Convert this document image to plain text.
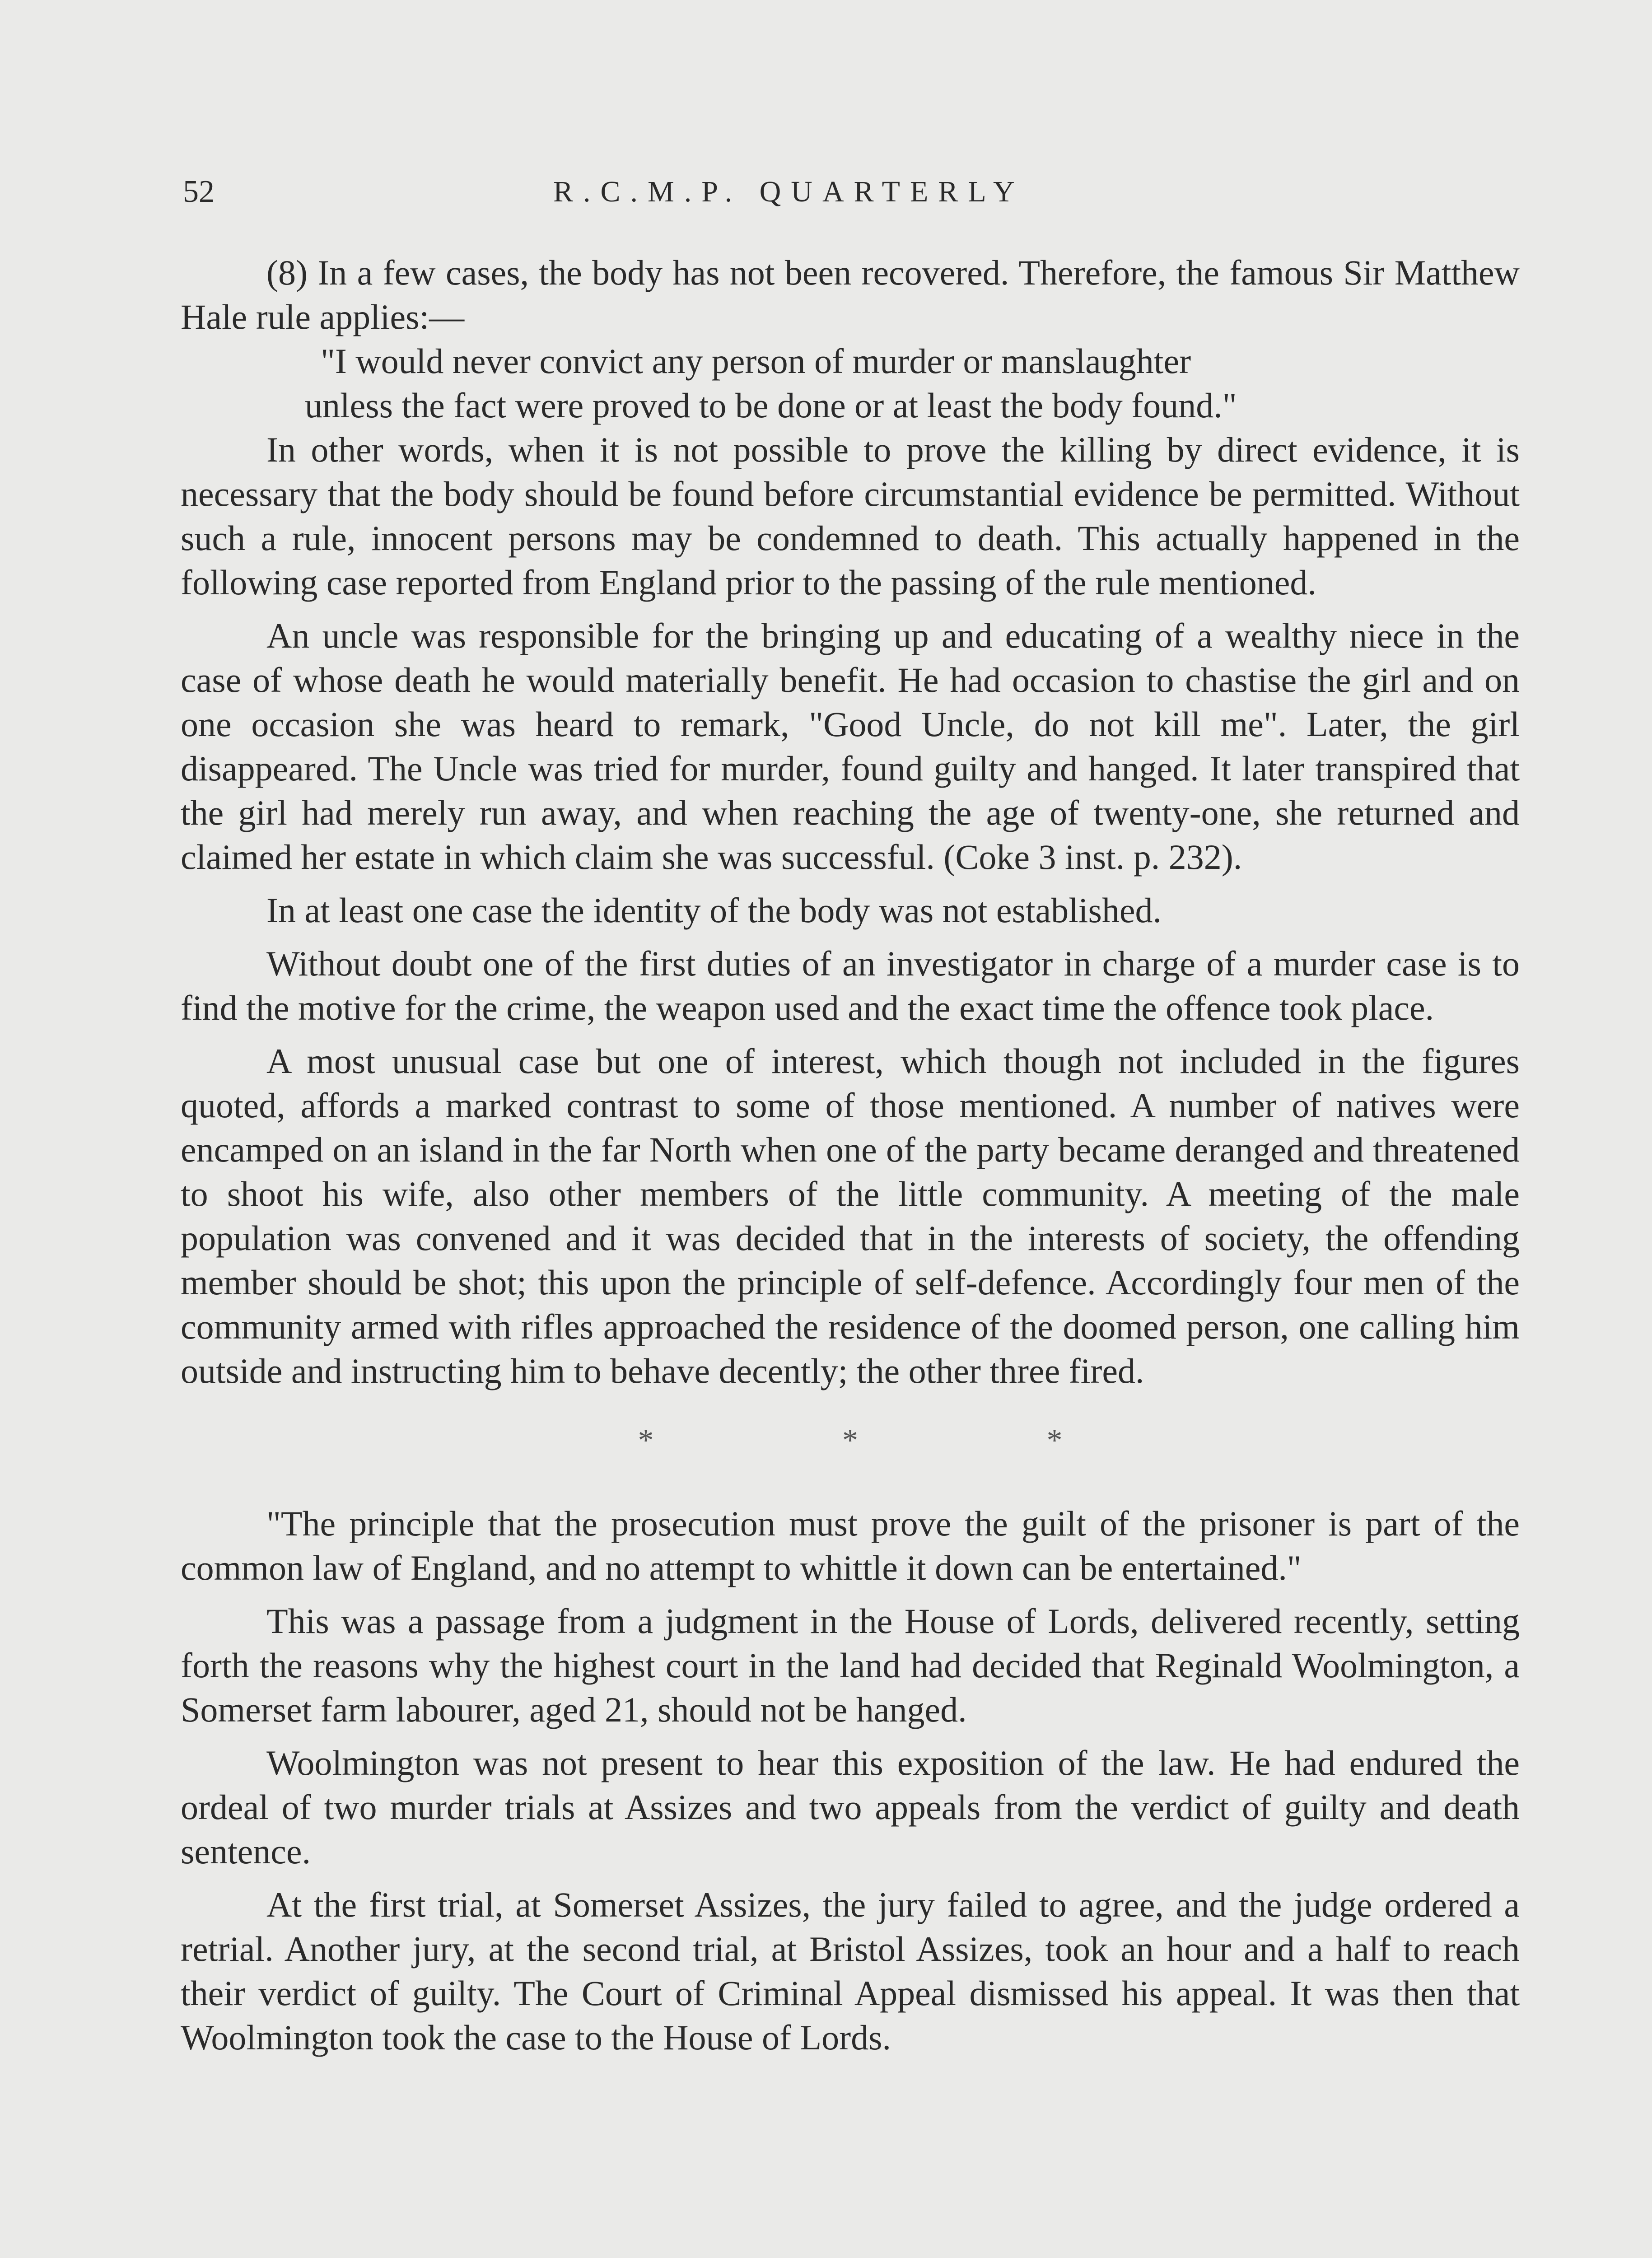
52	R.C.M.P. QUARTERLY

(8) In a few cases, the body has not been recovered. Therefore, the famous Sir Matthew Hale rule applies:—

"I would never convict any person of murder or manslaughter
unless the fact were proved to be done or at least the body found."

In other words, when it is not possible to prove the killing by direct evidence, it is necessary that the body should be found before circumstantial evidence be permitted. Without such a rule, innocent persons may be condemned to death. This actually happened in the following case reported from England prior to the passing of the rule mentioned.

An uncle was responsible for the bringing up and educating of a wealthy niece in the case of whose death he would materially benefit. He had occasion to chastise the girl and on one occasion she was heard to remark, "Good Uncle, do not kill me". Later, the girl disappeared. The Uncle was tried for murder, found guilty and hanged. It later transpired that the girl had merely run away, and when reaching the age of twenty-one, she returned and claimed her estate in which claim she was successful. (Coke 3 inst. p. 232).

In at least one case the identity of the body was not established.

Without doubt one of the first duties of an investigator in charge of a murder case is to find the motive for the crime, the weapon used and the exact time the offence took place.

A most unusual case but one of interest, which though not included in the figures quoted, affords a marked contrast to some of those mentioned. A number of natives were encamped on an island in the far North when one of the party became deranged and threatened to shoot his wife, also other members of the little community. A meeting of the male population was convened and it was decided that in the interests of society, the offending member should be shot; this upon the principle of self-defence. Accordingly four men of the community armed with rifles approached the residence of the doomed person, one calling him outside and instructing him to behave decently; the other three fired.

* * *

"The principle that the prosecution must prove the guilt of the prisoner is part of the common law of England, and no attempt to whittle it down can be entertained."

This was a passage from a judgment in the House of Lords, delivered recently, setting forth the reasons why the highest court in the land had decided that Reginald Woolmington, a Somerset farm labourer, aged 21, should not be hanged.

Woolmington was not present to hear this exposition of the law. He had endured the ordeal of two murder trials at Assizes and two appeals from the verdict of guilty and death sentence.

At the first trial, at Somerset Assizes, the jury failed to agree, and the judge ordered a retrial. Another jury, at the second trial, at Bristol Assizes, took an hour and a half to reach their verdict of guilty. The Court of Criminal Appeal dismissed his appeal. It was then that Woolmington took the case to the House of Lords.
